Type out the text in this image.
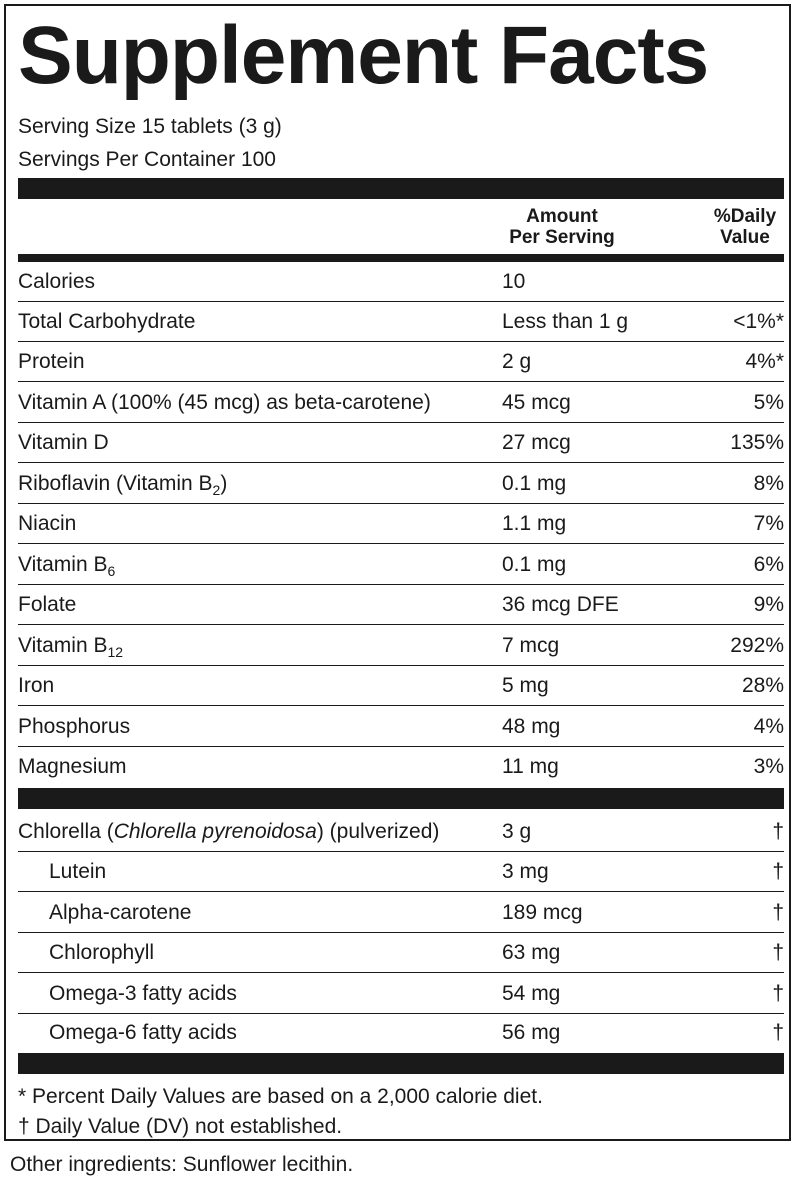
Supplement Facts
Serving Size 15 tablets (3 g)
Servings Per Container 100
Amount
Per Serving
%Daily
Value
Calories	10
Total Carbohydrate	Less than 1 g	<1%*
Protein	2 g	4%*
Vitamin A (100% (45 mcg) as beta-carotene)	45 mcg	5%
Vitamin D	27 mcg	135%
Riboflavin (Vitamin $B_2$)	0.1 mg	8%
Niacin	1.1 mg	7%
Vitamin $B_6$	0.1 mg	6%
Folate	36 mcg DFE	9%
Vitamin $B_{12}$	7 mcg	292%
Iron	5 mg	28%
Phosphorus	48 mg	4%
Magnesium	11 mg	3%
Chlorella (Chlorella pyrenoidosa) (pulverized)	3 g	†
Lutein	3 mg	†
Alpha-carotene	189 mcg	†
Chlorophyll	63 mg	†
Omega-3 fatty acids	54 mg	†
Omega-6 fatty acids	56 mg	†
* Percent Daily Values are based on a 2,000 calorie diet.
† Daily Value (DV) not established.
Other ingredients: Sunflower lecithin.
